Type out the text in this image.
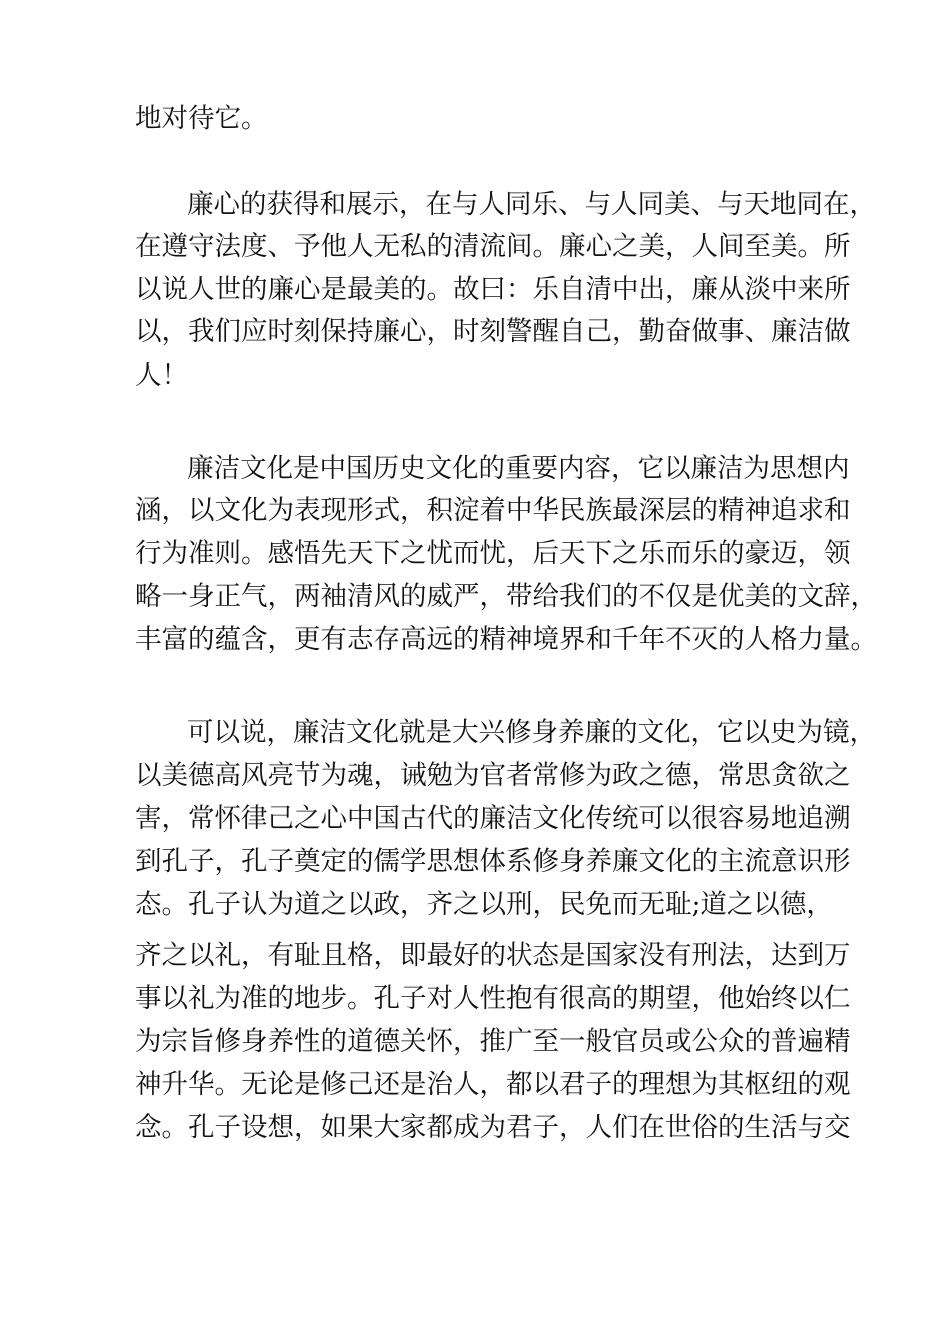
地对待它。
廉心的获得和展示，在与人同乐、与人同美、与天地同在，
在遵守法度、予他人无私的清流间。廉心之美，人间至美。所
以说人世的廉心是最美的。故曰：乐自清中出，廉从淡中来所
以，我们应时刻保持廉心，时刻警醒自己，勤奋做事、廉洁做
人！
廉洁文化是中国历史文化的重要内容，它以廉洁为思想内
涵，以文化为表现形式，积淀着中华民族最深层的精神追求和
行为准则。感悟先天下之忧而忧，后天下之乐而乐的豪迈，领
略一身正气，两袖清风的威严，带给我们的不仅是优美的文辞，
丰富的蕴含，更有志存高远的精神境界和千年不灭的人格力量。
可以说，廉洁文化就是大兴修身养廉的文化，它以史为镜，
以美德高风亮节为魂，诫勉为官者常修为政之德，常思贪欲之
害，常怀律己之心中国古代的廉洁文化传统可以很容易地追溯
到孔子，孔子奠定的儒学思想体系修身养廉文化的主流意识形
态。孔子认为道之以政，齐之以刑，民免而无耻;道之以德，
齐之以礼，有耻且格，即最好的状态是国家没有刑法，达到万
事以礼为准的地步。孔子对人性抱有很高的期望，他始终以仁
为宗旨修身养性的道德关怀，推广至一般官员或公众的普遍精
神升华。无论是修己还是治人，都以君子的理想为其枢纽的观
念。孔子设想，如果大家都成为君子，人们在世俗的生活与交
